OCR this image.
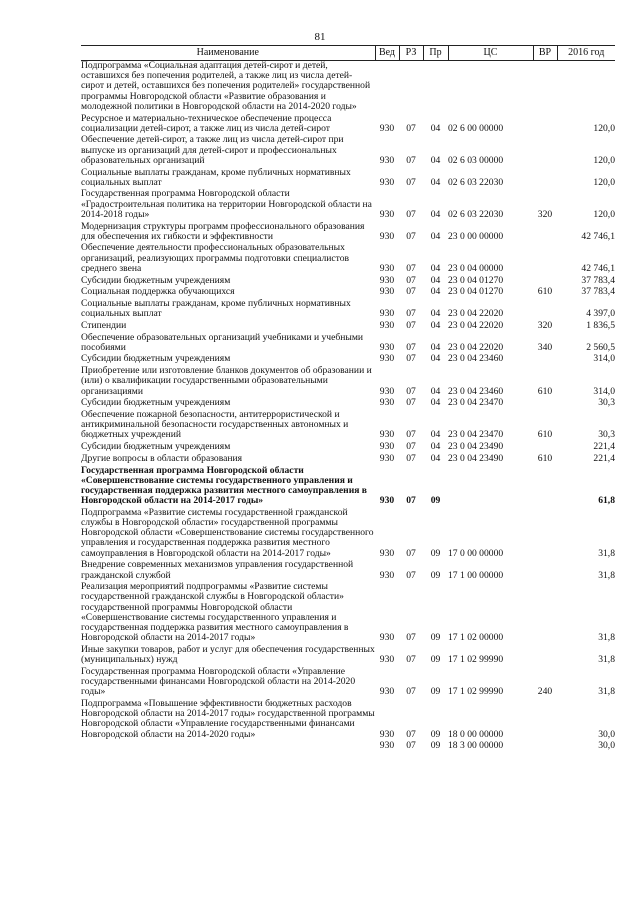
81
Наименование	Вед	РЗ	Пр	ЦС	ВР	2016 год
Подпрограмма «Социальная адаптация детей-сирот и детей, оставшихся без попечения родителей, а также лиц из числа детей-сирот и детей, оставшихся без попечения родителей» государственной программы Новгородской области «Развитие образования и молодежной политики в Новгородской области на 2014-2020 годы»						
Ресурсное и материально-техническое обеспечение процесса социализации детей-сирот, а также лиц из числа детей-сирот	930	07	04	02 6 00 00000		120,0
Обеспечение детей-сирот, а также лиц из числа детей-сирот при выпуске из организаций для детей-сирот и профессиональных образовательных организаций	930	07	04	02 6 03 00000		120,0
Социальные выплаты гражданам, кроме публичных нормативных социальных выплат	930	07	04	02 6 03 22030		120,0
Государственная программа Новгородской области «Градостроительная политика на территории Новгородской области на 2014-2018 годы»	930	07	04	02 6 03 22030	320	120,0
Модернизация структуры программ профессионального образования для обеспечения их гибкости и эффективности	930	07	04	23 0 00 00000		42 746,1
Обеспечение деятельности профессиональных образовательных организаций, реализующих программы подготовки специалистов среднего звена	930	07	04	23 0 04 00000		42 746,1
Субсидии бюджетным учреждениям	930	07	04	23 0 04 01270		37 783,4
Социальная поддержка обучающихся	930	07	04	23 0 04 01270	610	37 783,4
Социальные выплаты гражданам, кроме публичных нормативных социальных выплат	930	07	04	23 0 04 22020		4 397,0
Стипендии	930	07	04	23 0 04 22020	320	1 836,5
Обеспечение образовательных организаций учебниками и учебными пособиями	930	07	04	23 0 04 22020	340	2 560,5
Субсидии бюджетным учреждениям	930	07	04	23 0 04 23460		314,0
Приобретение или изготовление бланков документов об образовании и (или) о квалификации государственными образовательными организациями	930	07	04	23 0 04 23460	610	314,0
Субсидии бюджетным учреждениям	930	07	04	23 0 04 23470		30,3
Обеспечение пожарной безопасности, антитеррористической и антикриминальной безопасности государственных автономных и бюджетных учреждений	930	07	04	23 0 04 23470	610	30,3
Субсидии бюджетным учреждениям	930	07	04	23 0 04 23490		221,4
Другие вопросы в области образования	930	07	04	23 0 04 23490	610	221,4
Государственная программа Новгородской области «Совершенствование системы государственного управления и государственная поддержка развития местного самоуправления в Новгородской области на 2014-2017 годы»	930	07	09			61,8
Подпрограмма «Развитие системы государственной гражданской службы в Новгородской области» государственной программы Новгородской области «Совершенствование системы государственного управления и государственная поддержка развития местного самоуправления в Новгородской области на 2014-2017 годы»	930	07	09	17 0 00 00000		31,8
Внедрение современных механизмов управления государственной гражданской службой	930	07	09	17 1 00 00000		31,8
Реализация мероприятий подпрограммы «Развитие системы государственной гражданской службы в Новгородской области» государственной программы Новгородской области «Совершенствование системы государственного управления и государственная поддержка развития местного самоуправления в Новгородской области на 2014-2017 годы»	930	07	09	17 1 02 00000		31,8
Иные закупки товаров, работ и услуг для обеспечения государственных (муниципальных) нужд	930	07	09	17 1 02 99990		31,8
Государственная программа Новгородской области «Управление государственными финансами Новгородской области на 2014-2020 годы»	930	07	09	17 1 02 99990	240	31,8
Подпрограмма «Повышение эффективности бюджетных расходов Новгородской области на 2014-2017 годы» государственной программы Новгородской области «Управление государственными финансами Новгородской области на 2014-2020 годы»	930	07	09	18 0 00 00000		30,0
	930	07	09	18 3 00 00000		30,0
